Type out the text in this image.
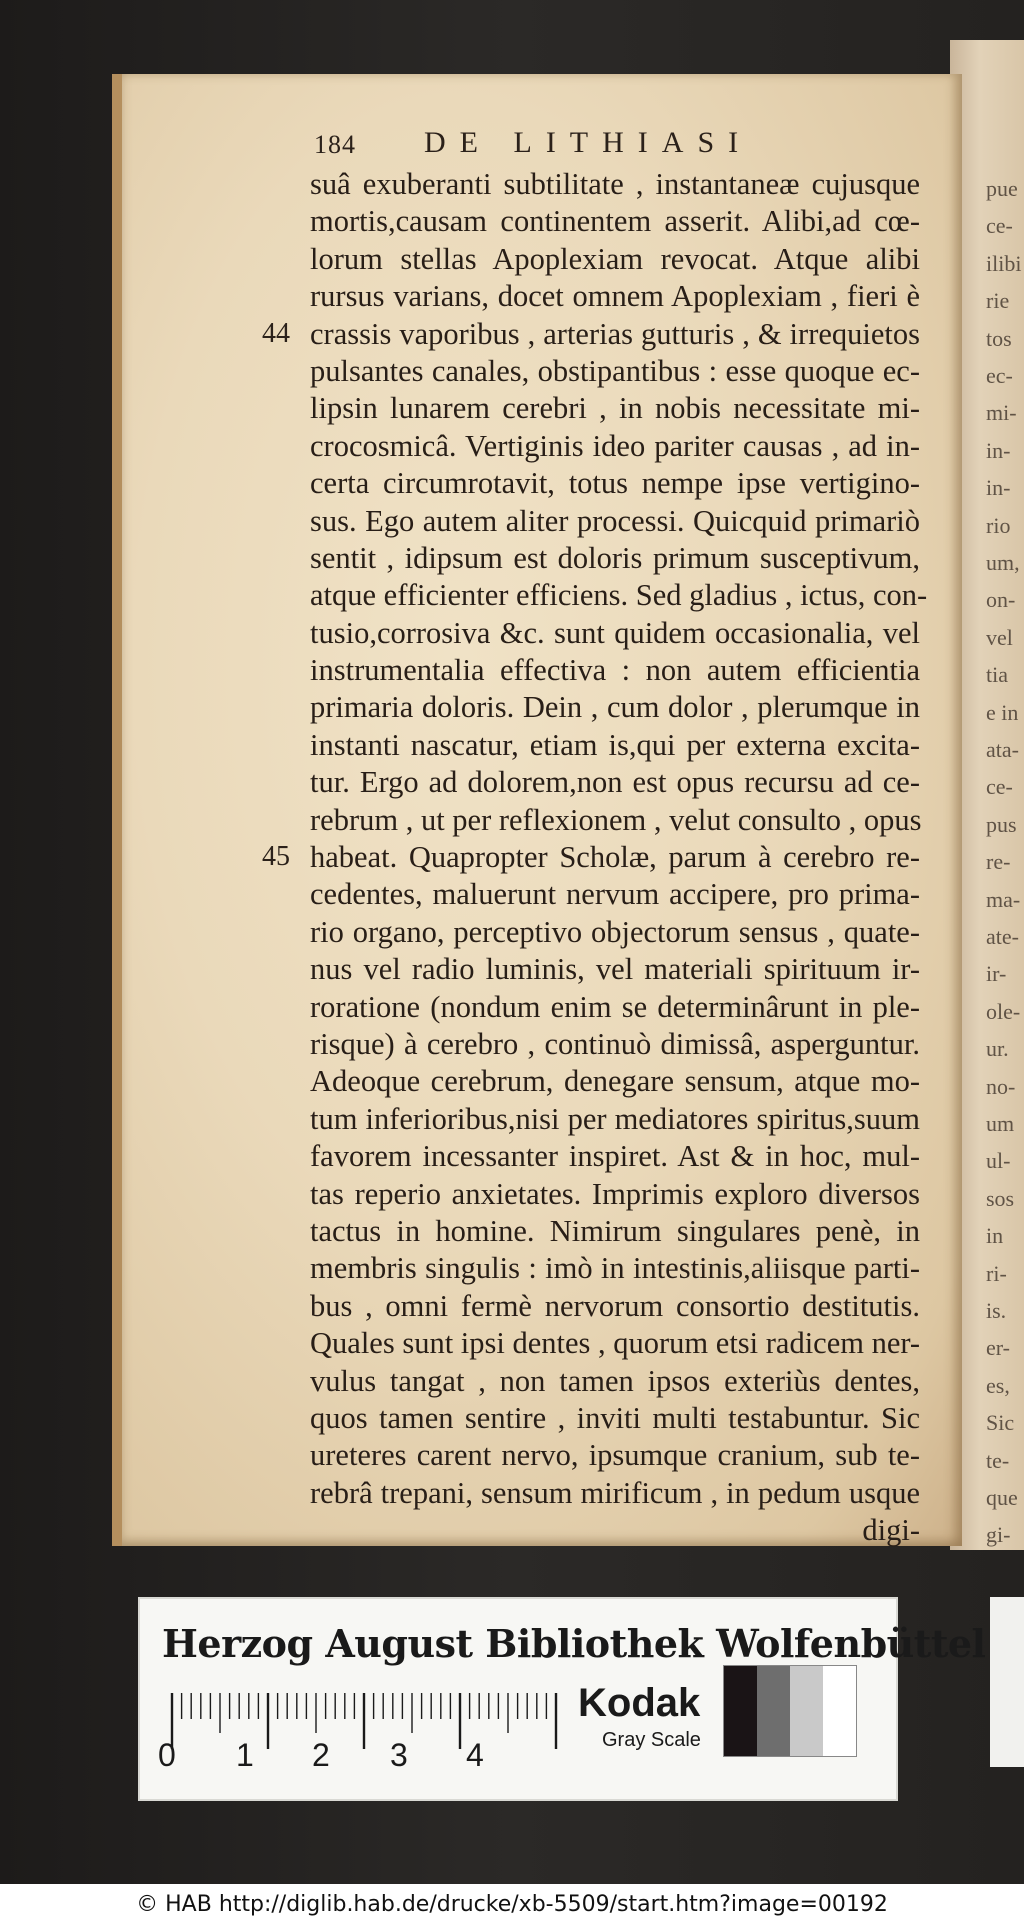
pue
ce-
ilibi
rie
tos
ec-
mi-
in-
in-
rio
um,
on-
vel
tia
e in
ata-
ce-
pus
re-
ma-
ate-
ir-
ole-
ur.
no-
um
ul-
sos
in
ri-
is.
er-
es,
Sic
te-
que
gi-
184 DE LITHIASI
suâ exuberanti subtilitate , instantaneæ cujusque
mortis,causam continentem asserit. Alibi,ad cœ-
lorum stellas Apoplexiam revocat. Atque alibi
rursus varians, docet omnem Apoplexiam , fieri è
crassis vaporibus , arterias gutturis , & irrequietos
pulsantes canales, obstipantibus : esse quoque ec-
lipsin lunarem cerebri , in nobis necessitate mi-
crocosmicâ. Vertiginis ideo pariter causas , ad in-
certa circumrotavit, totus nempe ipse vertigino-
sus. Ego autem aliter processi. Quicquid primariò
sentit , idipsum est doloris primum susceptivum,
atque efficienter efficiens. Sed gladius , ictus, con-
tusio,corrosiva &c. sunt quidem occasionalia, vel
instrumentalia effectiva : non autem efficientia
primaria doloris. Dein , cum dolor , plerumque in
instanti nascatur, etiam is,qui per externa excita-
tur. Ergo ad dolorem,non est opus recursu ad ce-
rebrum , ut per reflexionem , velut consulto , opus
habeat. Quapropter Scholæ, parum à cerebro re-
cedentes, maluerunt nervum accipere, pro prima-
rio organo, perceptivo objectorum sensus , quate-
nus vel radio luminis, vel materiali spirituum ir-
roratione (nondum enim se determinârunt in ple-
risque) à cerebro , continuò dimissâ, asperguntur.
Adeoque cerebrum, denegare sensum, atque mo-
tum inferioribus,nisi per mediatores spiritus,suum
favorem incessanter inspiret. Ast & in hoc, mul-
tas reperio anxietates. Imprimis exploro diversos
tactus in homine. Nimirum singulares penè, in
membris singulis : imò in intestinis,aliisque parti-
bus , omni fermè nervorum consortio destitutis.
Quales sunt ipsi dentes , quorum etsi radicem ner-
vulus tangat , non tamen ipsos exteriùs dentes,
quos tamen sentire , inviti multi testabuntur. Sic
ureteres carent nervo, ipsumque cranium, sub te-
rebrâ trepani, sensum mirificum , in pedum usque
digi-
44
45
Herzog August Bibliothek Wolfenbüttel
0 1 2 3 4
Kodak
Gray Scale
© HAB http://diglib.hab.de/drucke/xb-5509/start.htm?image=00192
